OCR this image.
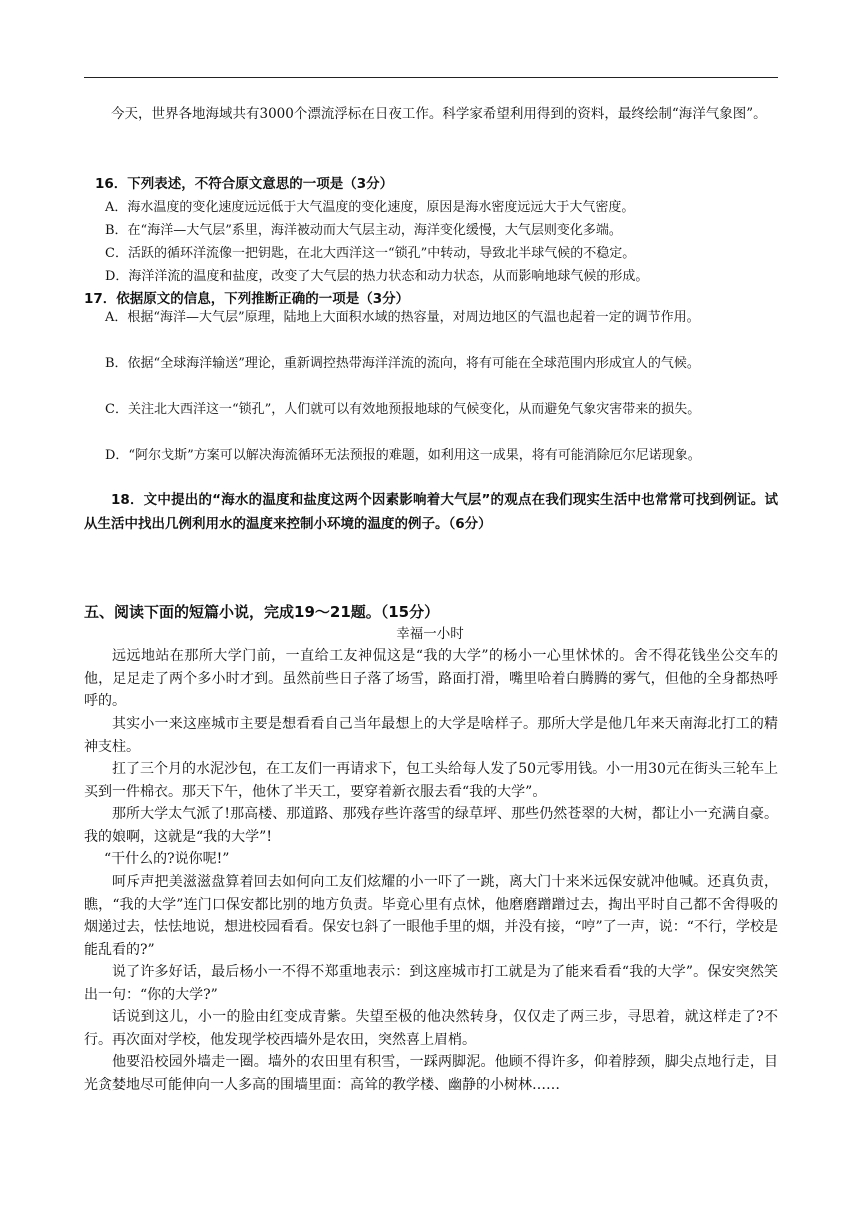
今天，世界各地海域共有3000个漂流浮标在日夜工作。科学家希望利用得到的资料，最终绘制“海洋气象图”。

16．下列表述，不符合原文意思的一项是（3分）

A．海水温度的变化速度远远低于大气温度的变化速度，原因是海水密度远远大于大气密度。

B．在“海洋—大气层”系里，海洋被动而大气层主动，海洋变化缓慢，大气层则变化多端。

C．活跃的循环洋流像一把钥匙，在北大西洋这一“锁孔”中转动，导致北半球气候的不稳定。

D．海洋洋流的温度和盐度，改变了大气层的热力状态和动力状态，从而影响地球气候的形成。

17．依据原文的信息，下列推断正确的一项是（3分）

A．根据“海洋—大气层”原理，陆地上大面积水域的热容量，对周边地区的气温也起着一定的调节作用。

B．依据“全球海洋输送”理论，重新调控热带海洋洋流的流向，将有可能在全球范围内形成宜人的气候。

C．关注北大西洋这一“锁孔”，人们就可以有效地预报地球的气候变化，从而避免气象灾害带来的损失。

D．“阿尔戈斯”方案可以解决海流循环无法预报的难题，如利用这一成果，将有可能消除厄尔尼诺现象。

18．文中提出的“海水的温度和盐度这两个因素影响着大气层”的观点在我们现实生活中也常常可找到例证。试从生活中找出几例利用水的温度来控制小环境的温度的例子。（6分）

五、阅读下面的短篇小说，完成19～21题。（15分）

幸福一小时

远远地站在那所大学门前，一直给工友神侃这是“我的大学”的杨小一心里怵怵的。舍不得花钱坐公交车的他，足足走了两个多小时才到。虽然前些日子落了场雪，路面打滑，嘴里哈着白腾腾的雾气，但他的全身都热呼呼的。

其实小一来这座城市主要是想看看自己当年最想上的大学是啥样子。那所大学是他几年来天南海北打工的精神支柱。

扛了三个月的水泥沙包，在工友们一再请求下，包工头给每人发了50元零用钱。小一用30元在街头三轮车上买到一件棉衣。那天下午，他休了半天工，要穿着新衣服去看“我的大学”。

那所大学太气派了!那高楼、那道路、那残存些许落雪的绿草坪、那些仍然苍翠的大树，都让小一充满自豪。我的娘啊，这就是“我的大学”!

“干什么的?说你呢!”

呵斥声把美滋滋盘算着回去如何向工友们炫耀的小一吓了一跳，离大门十来米远保安就冲他喊。还真负责，瞧，“我的大学”连门口保安都比别的地方负责。毕竟心里有点怵，他磨磨蹭蹭过去，掏出平时自己都不舍得吸的烟递过去，怯怯地说，想进校园看看。保安乜斜了一眼他手里的烟，并没有接，“哼”了一声，说：“不行，学校是能乱看的?”

说了许多好话，最后杨小一不得不郑重地表示：到这座城市打工就是为了能来看看“我的大学”。保安突然笑出一句：“你的大学?”

话说到这儿，小一的脸由红变成青紫。失望至极的他决然转身，仅仅走了两三步，寻思着，就这样走了?不行。再次面对学校，他发现学校西墙外是农田，突然喜上眉梢。

他要沿校园外墙走一圈。墙外的农田里有积雪，一踩两脚泥。他顾不得许多，仰着脖颈，脚尖点地行走，目光贪婪地尽可能伸向一人多高的围墙里面：高耸的教学楼、幽静的小树林……
